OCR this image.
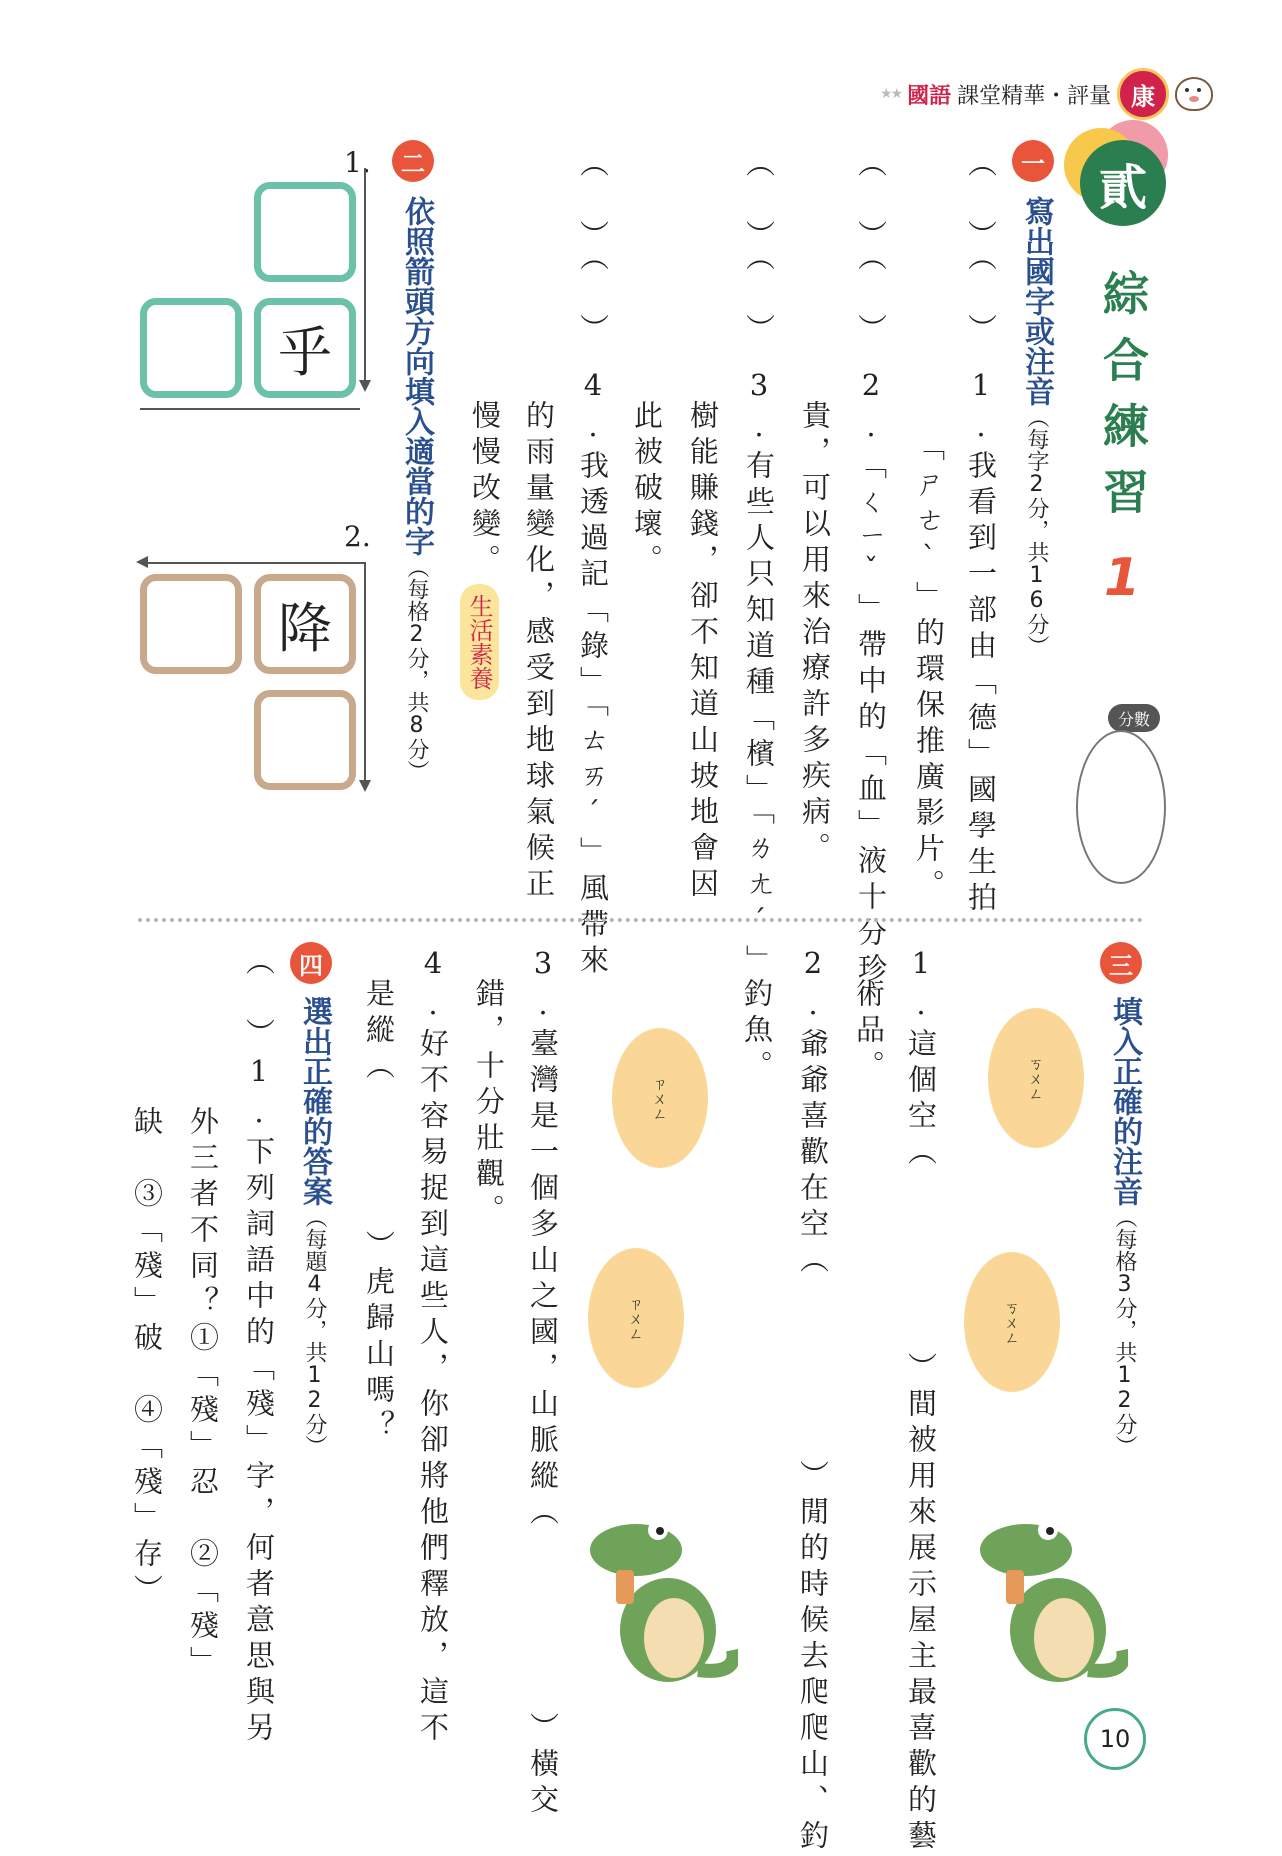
★★ 國語 課堂精華・評量 康
貳
綜合練習
1
分數
一
寫出國字或注音（每字2分，共16分）
（　）（　）
1.我看到一部由「德」國學生拍
「ㄕㄜˋ」的環保推廣影片。
（　）（　）
2.「ㄑㄧˇ」帶中的「血」液十分珍
貴，可以用來治療許多疾病。
（　）（　）
3.有些人只知道種「檳」「ㄌㄤˊ」
樹能賺錢，卻不知道山坡地會因
此被破壞。
（　）（　）
4.我透過記「錄」「ㄊㄞˊ」風帶來
的雨量變化，感受到地球氣候正
慢慢改變。
生活素養
二
依照箭頭方向填入適當的字（每格2分，共8分）
1.
乎
2.
降
三
填入正確的注音（每格3分，共12分）
ㄎㄨㄥ
ㄎㄨㄥ
ㄗㄨㄥ
ㄗㄨㄥ	1.這個空（　　　　　）間被用來展示屋主最喜歡的藝
術品。
2.爺爺喜歡在空（　　　　　）閒的時候去爬爬山、釣
釣魚。
3.臺灣是一個多山之國，山脈縱（　　　　　）橫交
錯，十分壯觀。
4.好不容易捉到這些人，你卻將他們釋放，這不
是縱（　　　　）虎歸山嗎？
四
選出正確的答案（每題4分，共12分）
（　）1.下列詞語中的「殘」字，何者意思與另
外三者不同？①「殘」忍　②「殘」
缺　③「殘」破　④「殘」存）
10
